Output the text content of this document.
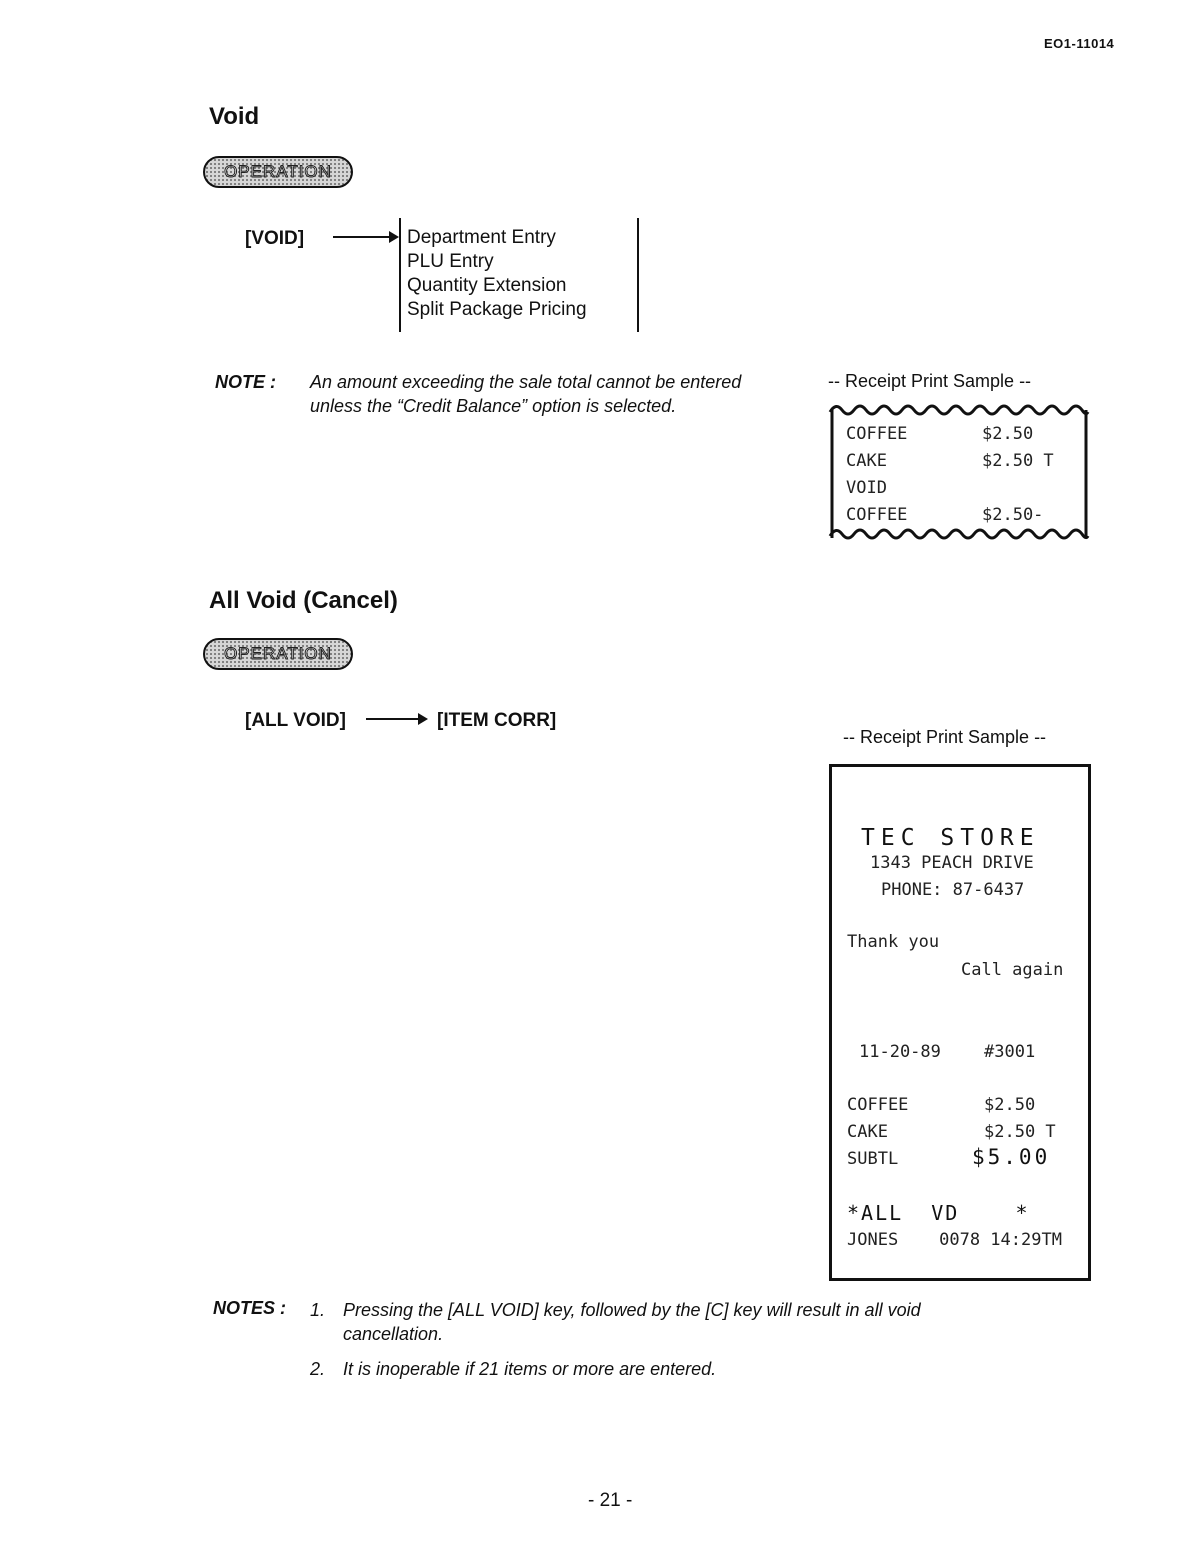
EO1-11014
Void
OPERATION
[VOID]	Department Entry
PLU Entry
Quantity Extension
Split Package Pricing
NOTE : An amount exceeding the sale total cannot be entered
unless the “Credit Balance” option is selected.
-- Receipt Print Sample --
COFFEE	$2.50
CAKE	$2.50 T
VOID
COFFEE	$2.50-
All Void (Cancel)
OPERATION
[ALL VOID]	[ITEM CORR]
-- Receipt Print Sample --
TEC STORE
1343 PEACH DRIVE
PHONE: 87-6437
Thank you
Call again
11-20-89	#3001
COFFEE	$2.50
CAKE	$2.50 T
SUBTL	$5.00
*ALL  VD    *
JONES    0078 14:29TM
NOTES : 1. Pressing the [ALL VOID] key, followed by the [C] key will result in all void
cancellation.
2. It is inoperable if 21 items or more are entered.
- 21 -
